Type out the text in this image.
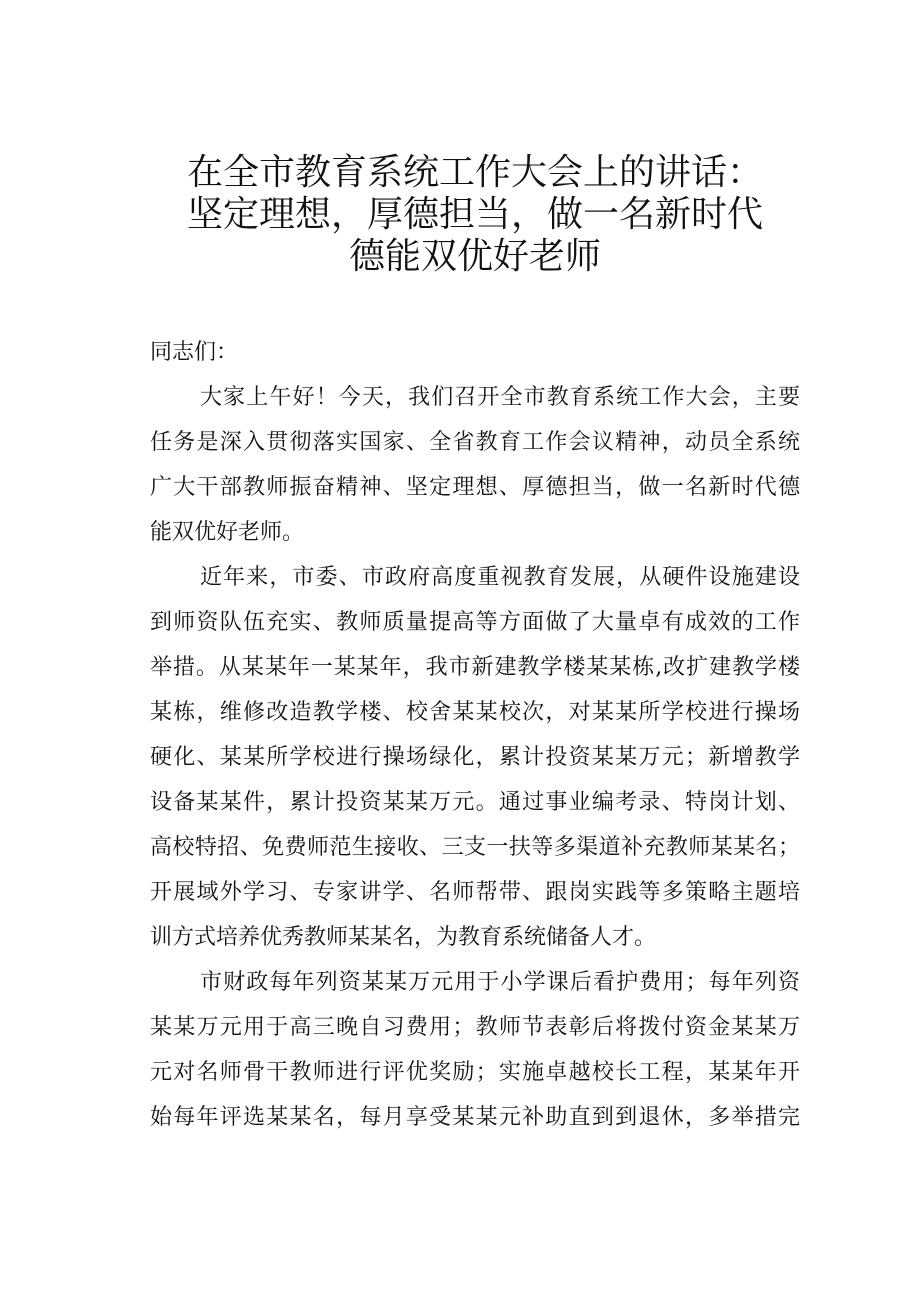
在全市教育系统工作大会上的讲话：
坚定理想，厚德担当，做一名新时代
德能双优好老师
同志们：
大家上午好！今天，我们召开全市教育系统工作大会，主要
任务是深入贯彻落实国家、全省教育工作会议精神，动员全系统
广大干部教师振奋精神、坚定理想、厚德担当，做一名新时代德
能双优好老师。
近年来，市委、市政府高度重视教育发展，从硬件设施建设
到师资队伍充实、教师质量提高等方面做了大量卓有成效的工作
举措。从某某年一某某年，我市新建教学楼某某栋,改扩建教学楼
某栋，维修改造教学楼、校舍某某校次，对某某所学校进行操场
硬化、某某所学校进行操场绿化，累计投资某某万元；新增教学
设备某某件，累计投资某某万元。通过事业编考录、特岗计划、
高校特招、免费师范生接收、三支一扶等多渠道补充教师某某名；
开展域外学习、专家讲学、名师帮带、跟岗实践等多策略主题培
训方式培养优秀教师某某名，为教育系统储备人才。
市财政每年列资某某万元用于小学课后看护费用；每年列资
某某万元用于高三晚自习费用；教师节表彰后将拨付资金某某万
元对名师骨干教师进行评优奖励；实施卓越校长工程，某某年开
始每年评选某某名，每月享受某某元补助直到到退休，多举措完
